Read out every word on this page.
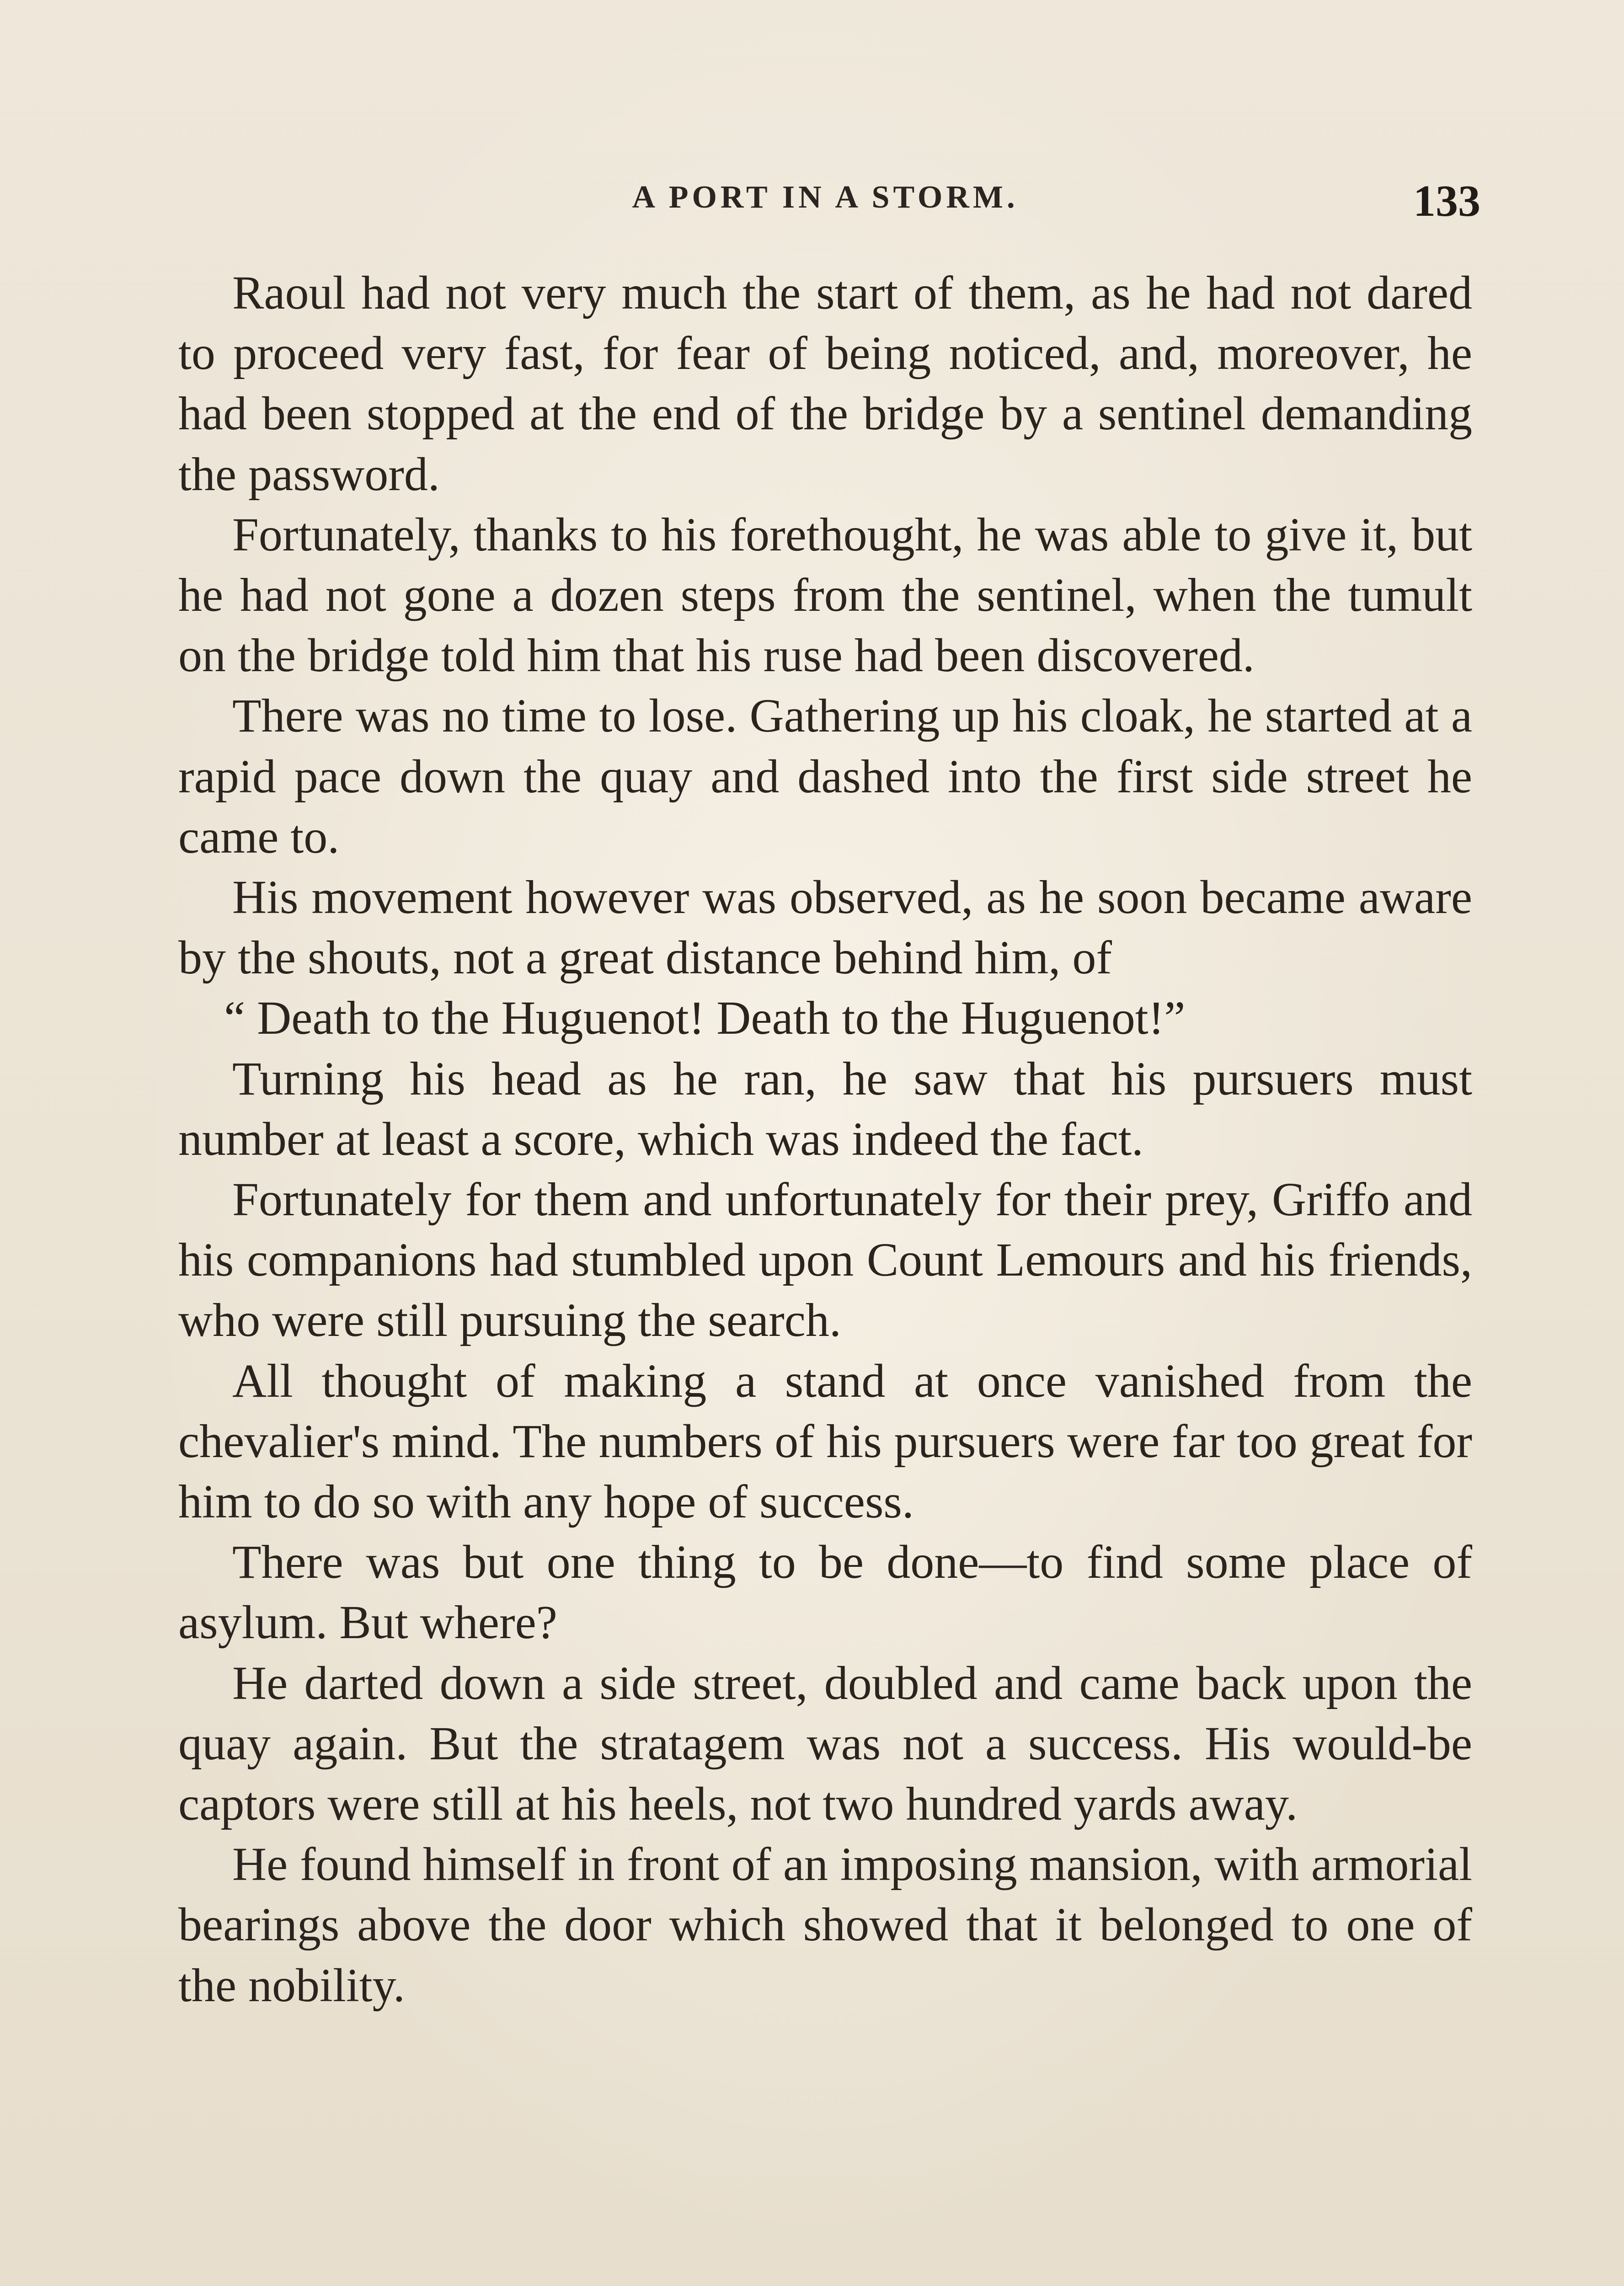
A PORT IN A STORM.	133

Raoul had not very much the start of them, as he had not dared to proceed very fast, for fear of being noticed, and, moreover, he had been stopped at the end of the bridge by a sentinel demanding the password.

Fortunately, thanks to his forethought, he was able to give it, but he had not gone a dozen steps from the sentinel, when the tumult on the bridge told him that his ruse had been discovered.

There was no time to lose. Gathering up his cloak, he started at a rapid pace down the quay and dashed into the first side street he came to.

His movement however was observed, as he soon became aware by the shouts, not a great distance behind him, of

“ Death to the Huguenot! Death to the Huguenot!”

Turning his head as he ran, he saw that his pursuers must number at least a score, which was indeed the fact.

Fortunately for them and unfortunately for their prey, Griffo and his companions had stumbled upon Count Lemours and his friends, who were still pursuing the search.

All thought of making a stand at once vanished from the chevalier's mind. The numbers of his pursuers were far too great for him to do so with any hope of success.

There was but one thing to be done—to find some place of asylum. But where?

He darted down a side street, doubled and came back upon the quay again. But the stratagem was not a success. His would-be captors were still at his heels, not two hundred yards away.

He found himself in front of an imposing mansion, with armorial bearings above the door which showed that it belonged to one of the nobility.
